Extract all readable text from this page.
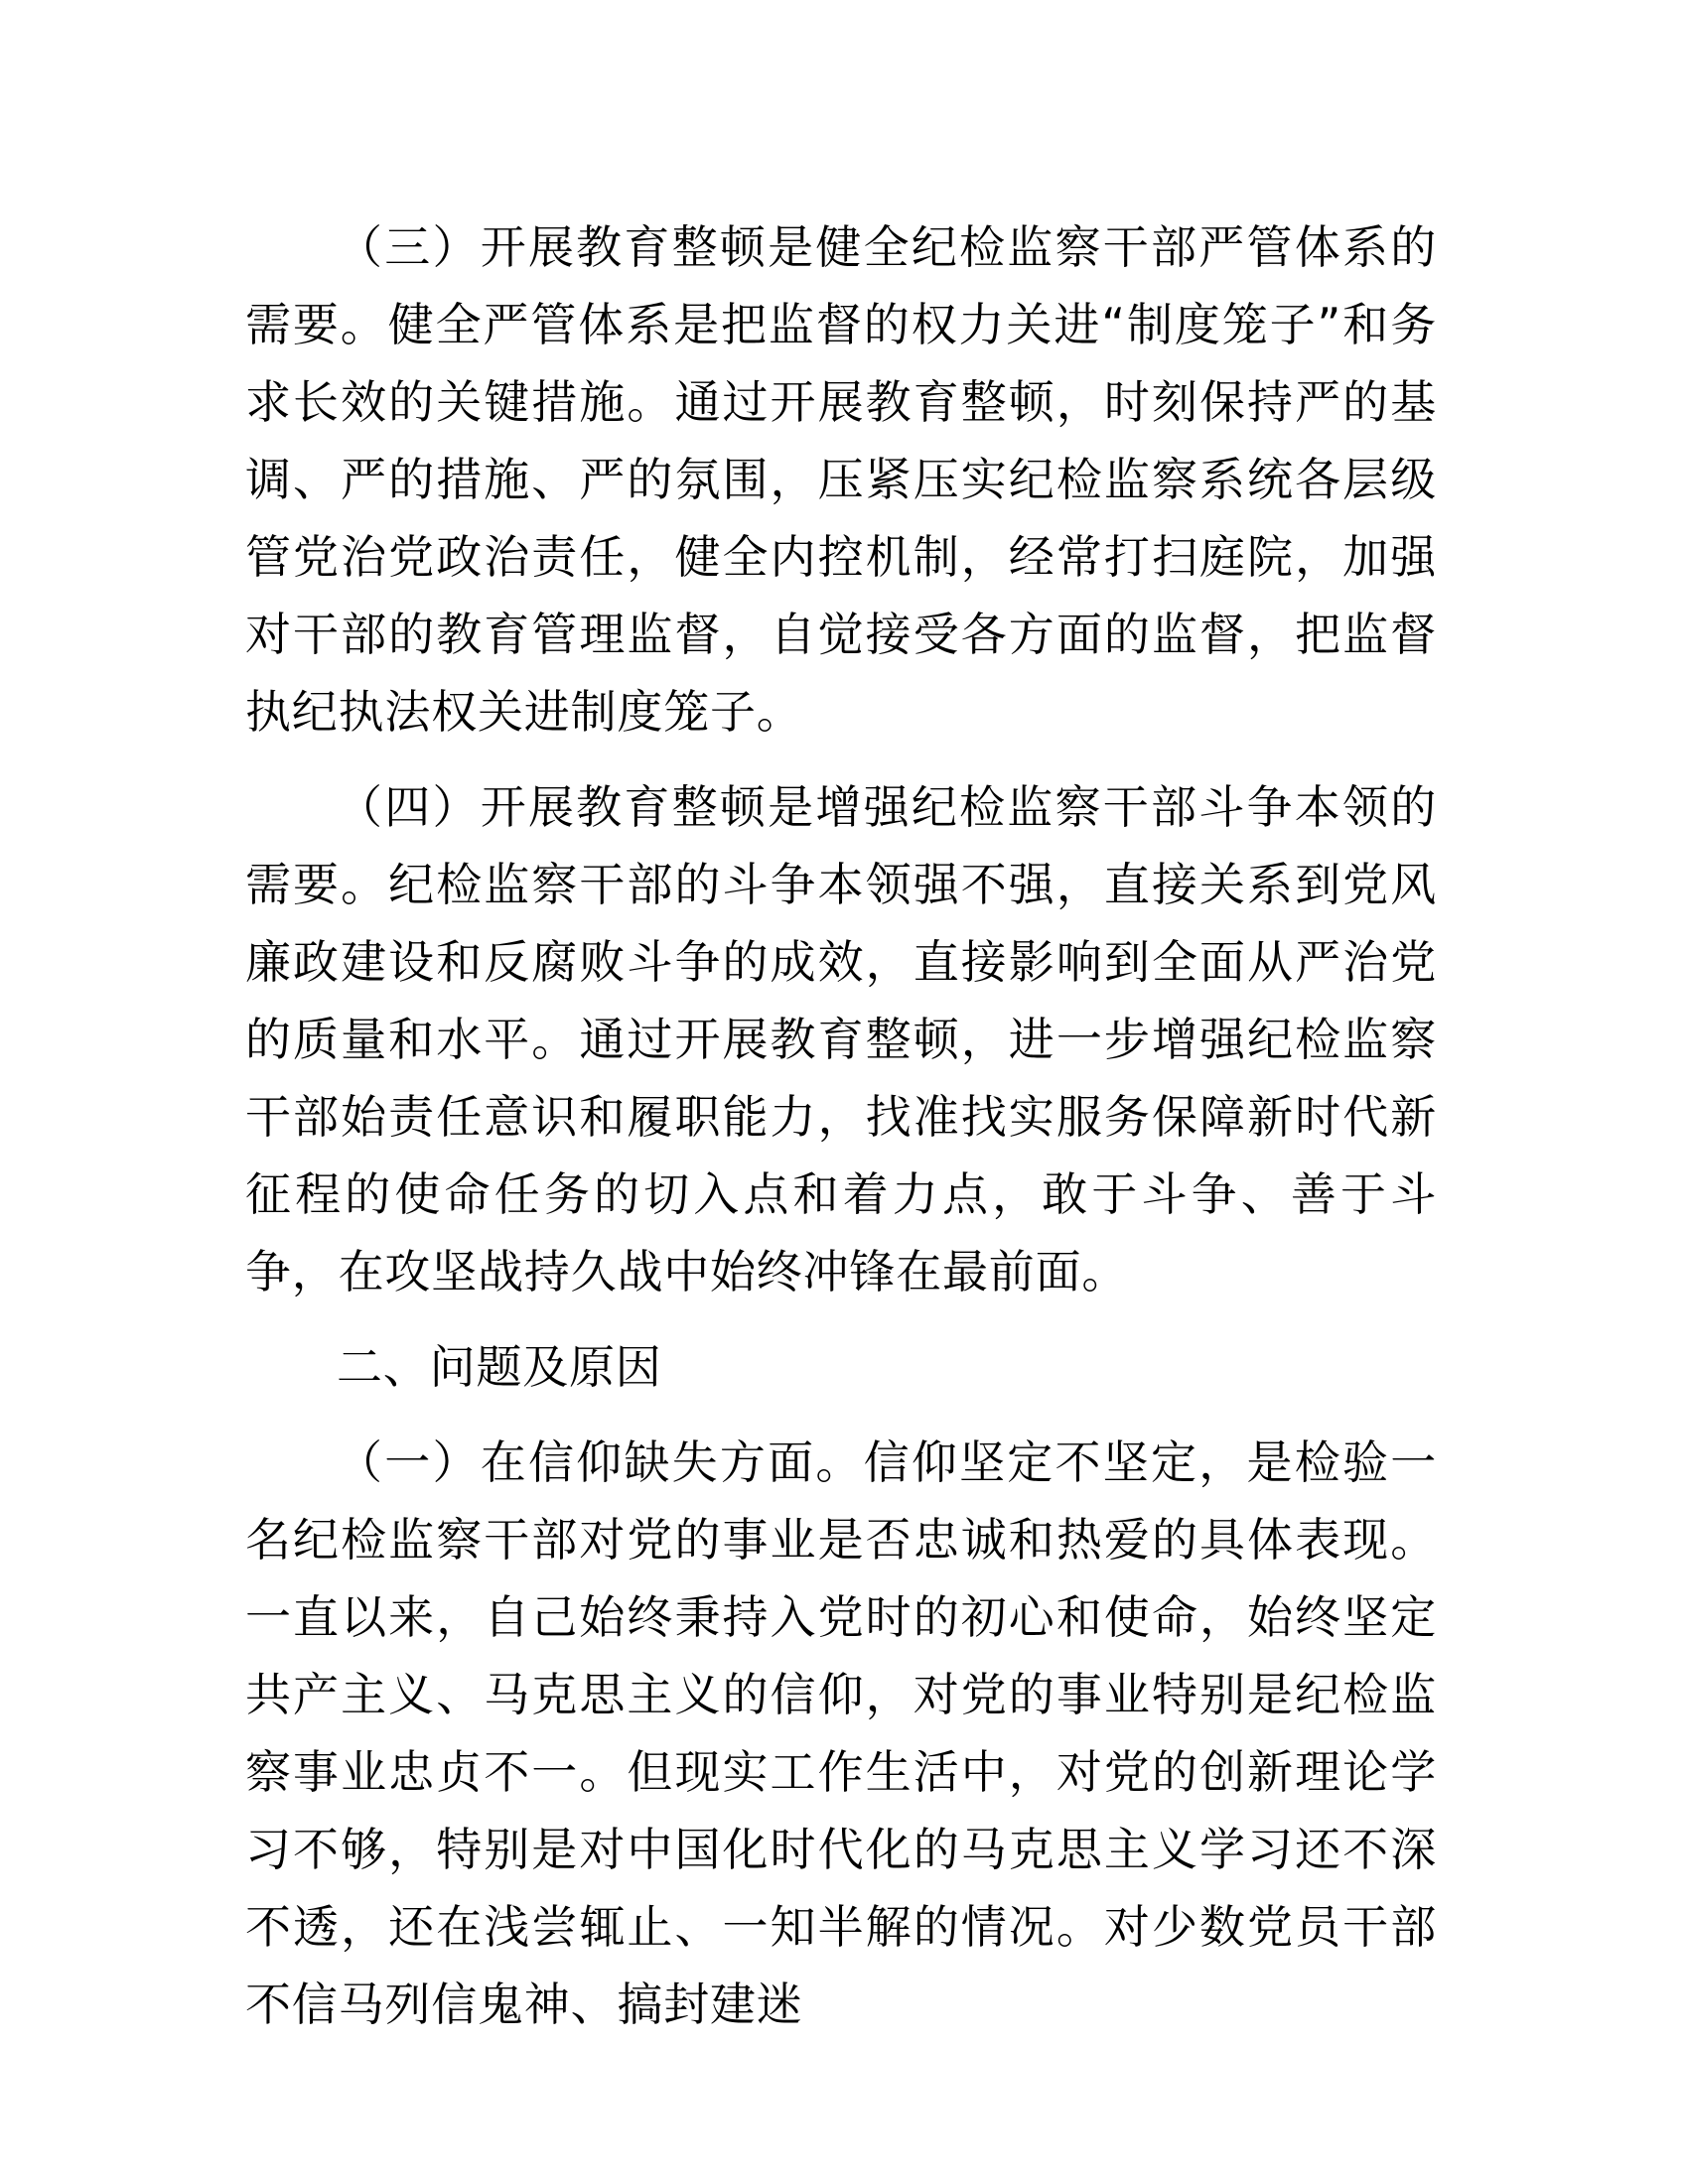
（三）开展教育整顿是健全纪检监察干部严管体系的需要。健全严管体系是把监督的权力关进“制度笼子”和务求长效的关键措施。通过开展教育整顿，时刻保持严的基调、严的措施、严的氛围，压紧压实纪检监察系统各层级管党治党政治责任，健全内控机制，经常打扫庭院，加强对干部的教育管理监督，自觉接受各方面的监督，把监督执纪执法权关进制度笼子。

（四）开展教育整顿是增强纪检监察干部斗争本领的需要。纪检监察干部的斗争本领强不强，直接关系到党风廉政建设和反腐败斗争的成效，直接影响到全面从严治党的质量和水平。通过开展教育整顿，进一步增强纪检监察干部始责任意识和履职能力，找准找实服务保障新时代新征程的使命任务的切入点和着力点，敢于斗争、善于斗争，在攻坚战持久战中始终冲锋在最前面。

二、问题及原因

（一）在信仰缺失方面。信仰坚定不坚定，是检验一名纪检监察干部对党的事业是否忠诚和热爱的具体表现。一直以来，自己始终秉持入党时的初心和使命，始终坚定共产主义、马克思主义的信仰，对党的事业特别是纪检监察事业忠贞不一。但现实工作生活中，对党的创新理论学习不够，特别是对中国化时代化的马克思主义学习还不深不透，还在浅尝辄止、一知半解的情况。对少数党员干部不信马列信鬼神、搞封建迷
